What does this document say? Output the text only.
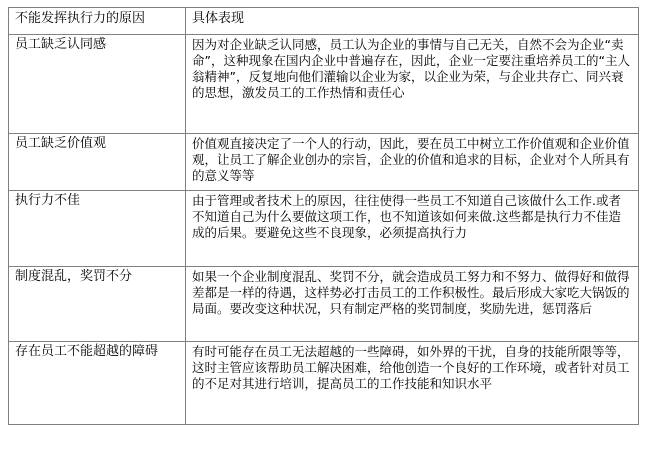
不能发挥执行力的原因	具体表现
员工缺乏认同感	因为对企业缺乏认同感，员工认为企业的事情与自己无关，自然不会为企业“卖命”，这种现象在国内企业中普遍存在，因此，企业一定要注重培养员工的“主人翁精神”，反复地向他们灌输以企业为家，以企业为荣，与企业共存亡、同兴衰的思想，激发员工的工作热情和责任心
员工缺乏价值观	价值观直接决定了一个人的行动，因此，要在员工中树立工作价值观和企业价值观，让员工了解企业创办的宗旨，企业的价值和追求的目标，企业对个人所具有的意义等等
执行力不佳	由于管理或者技术上的原因，往往使得一些员工不知道自己该做什么工作.或者不知道自己为什么要做这项工作，也不知道该如何来做.这些都是执行力不佳造成的后果。要避免这些不良现象，必须提高执行力
制度混乱，奖罚不分	如果一个企业制度混乱、奖罚不分，就会造成员工努力和不努力、做得好和做得差都是一样的待遇，这样势必打击员工的工作积极性。最后形成大家吃大锅饭的局面。要改变这种状况，只有制定严格的奖罚制度，奖励先进，惩罚落后
存在员工不能超越的障碍	有时可能存在员工无法超越的一些障碍，如外界的干扰，自身的技能所限等等，这时主管应该帮助员工解决困难，给他创造一个良好的工作环境，或者针对员工的不足对其进行培训，提高员工的工作技能和知识水平
